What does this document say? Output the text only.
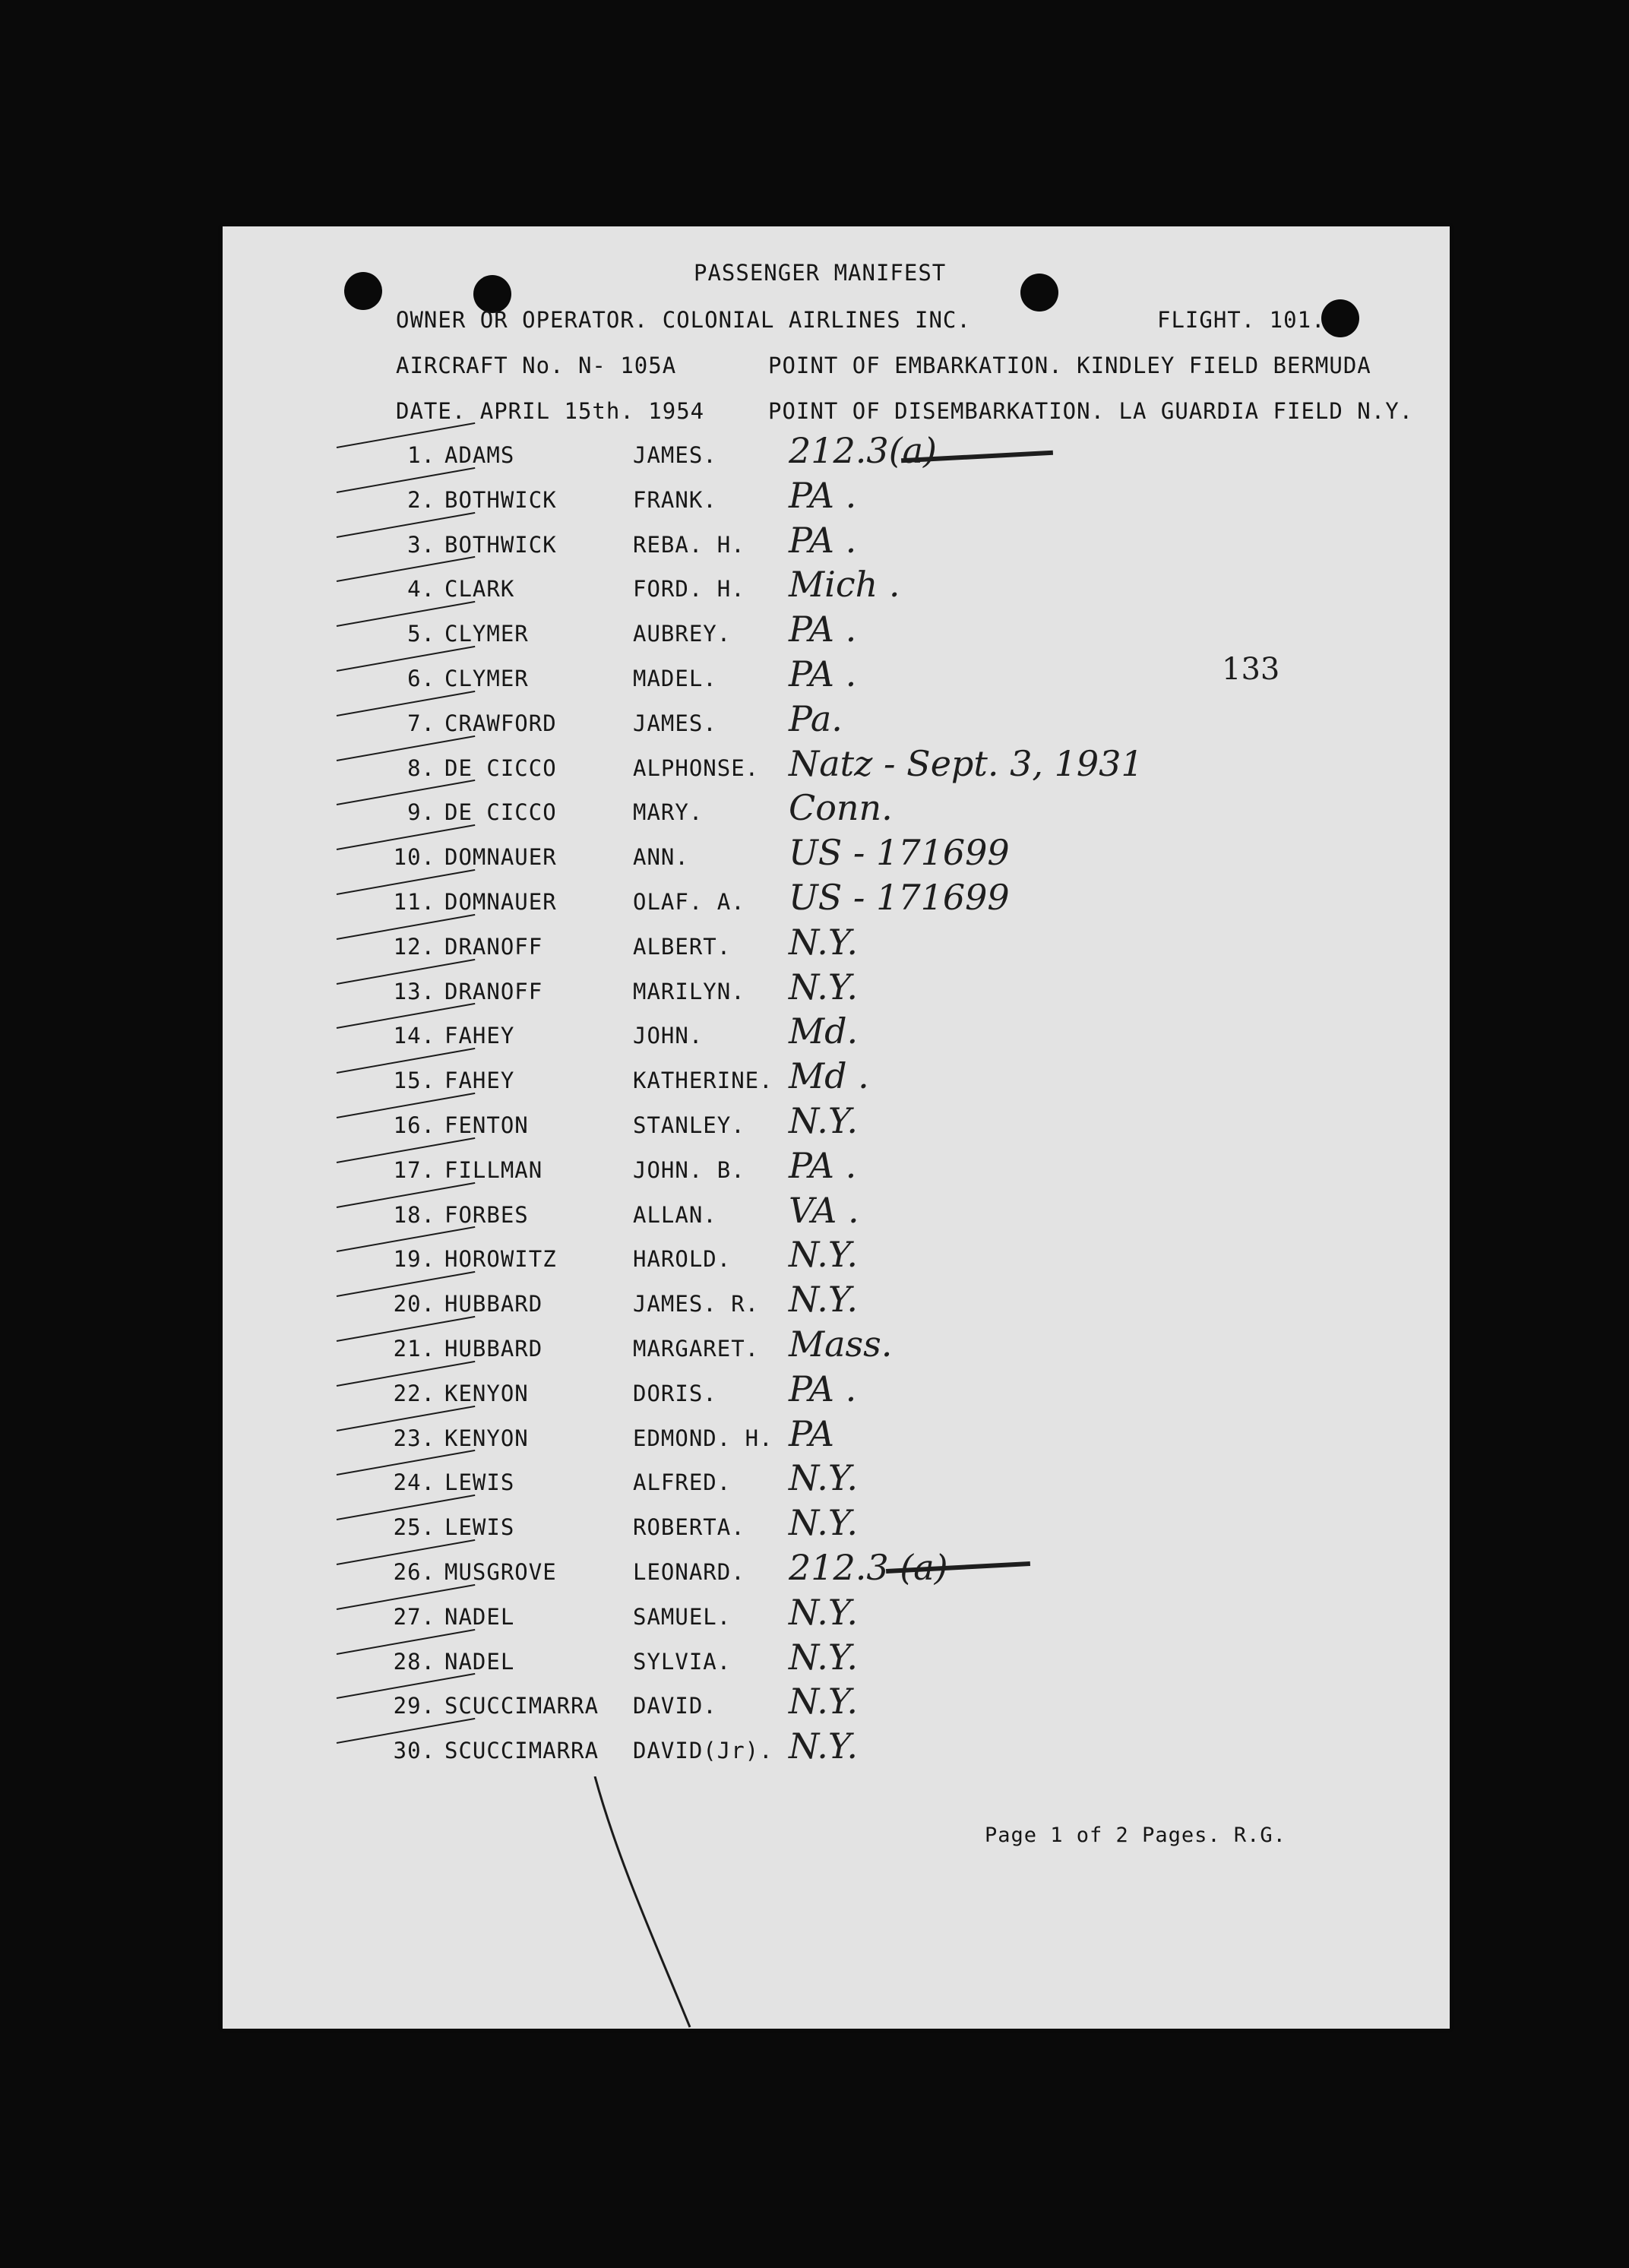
PASSENGER MANIFEST
OWNER OR OPERATOR. COLONIAL AIRLINES INC.	FLIGHT. 101.
AIRCRAFT No. N- 105A	POINT OF EMBARKATION. KINDLEY FIELD BERMUDA
DATE. APRIL 15th. 1954	POINT OF DISEMBARKATION. LA GUARDIA FIELD N.Y.
133
1. ADAMS	JAMES. 212.3(a)
2. BOTHWICK	FRANK. PA .
3. BOTHWICK	REBA. H. PA .
4. CLARK	FORD. H. Mich .
5. CLYMER	AUBREY. PA .
6. CLYMER	MADEL. PA .
7. CRAWFORD	JAMES. Pa.
8. DE CICCO	ALPHONSE. Natz - Sept. 3, 1931
9. DE CICCO	MARY. Conn.
10. DOMNAUER	ANN.	US - 171699
11. DOMNAUER	OLAF. A. US - 171699
12. DRANOFF	ALBERT. N.Y.
13. DRANOFF	MARILYN. N.Y.
14. FAHEY	JOHN. Md.
15. FAHEY	KATHERINE. Md .
16. FENTON	STANLEY. N.Y.
17. FILLMAN	JOHN. B. PA .
18. FORBES	ALLAN. VA .
19. HOROWITZ	HAROLD. N.Y.
20. HUBBARD	JAMES. R. N.Y.
21. HUBBARD	MARGARET. Mass.
22. KENYON	DORIS. PA .
23. KENYON	EDMOND. H. PA
24. LEWIS	ALFRED. N.Y.
25. LEWIS	ROBERTA. N.Y.
26. MUSGROVE	LEONARD. 212.3 (a)
27. NADEL	SAMUEL. N.Y.
28. NADEL	SYLVIA. N.Y.
29. SCUCCIMARRA DAVID. N.Y.
30. SCUCCIMARRA DAVID(Jr). N.Y.
Page 1 of 2 Pages. R.G.
